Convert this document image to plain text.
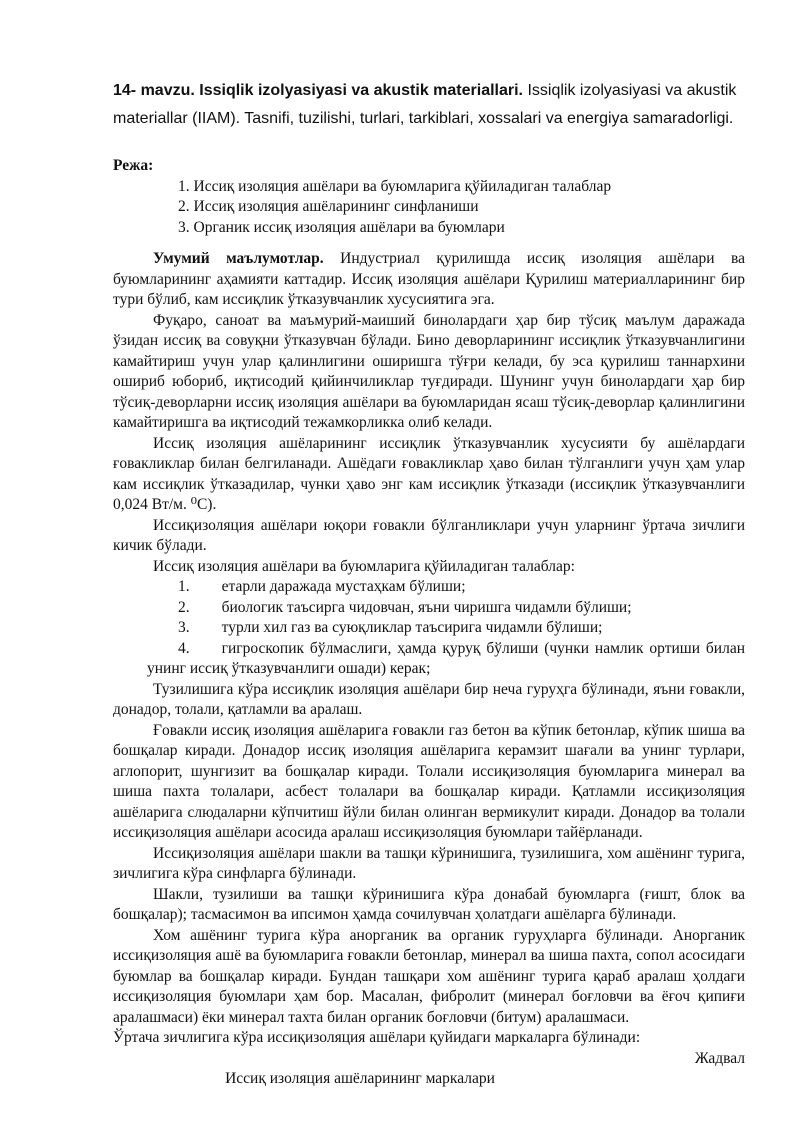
14- mavzu. Issiqlik izolyasiyasi va akustik materiallari. Issiqlik izolyasiyasi va akustik materiallar (IIAM). Tasnifi, tuzilishi, turlari, tarkiblari, xossalari va energiya samaradorligi.

Режа:

1. Иссиқ изоляция ашёлари ва буюмларига қўйиладиган талаблар
2. Иссиқ изоляция ашёларининг синфланиши
3. Органик иссиқ изоляция ашёлари ва буюмлари

Умумий маълумотлар. Индустриал қурилишда иссиқ изоляция ашёлари ва буюмларининг аҳамияти каттадир. Иссиқ изоляция ашёлари Қурилиш материалларининг бир тури бўлиб, кам иссиқлик ўтказувчанлик хусусиятига эга.

Фуқаро, саноат ва маъмурий-маиший бинолардаги ҳар бир тўсиқ маълум даражада ўзидан иссиқ ва совуқни ўтказувчан бўлади. Бино деворларининг иссиқлик ўтказувчанлигини камайтириш учун улар қалинлигини оширишга тўғри келади, бу эса қурилиш таннархини ошириб юбориб, иқтисодий қийинчиликлар туғдиради. Шунинг учун бинолардаги ҳар бир тўсиқ-деворларни иссиқ изоляция ашёлари ва буюмларидан ясаш тўсиқ-деворлар қалинлигини камайтиришга ва иқтисодий тежамкорликка олиб келади.

Иссиқ изоляция ашёларининг иссиқлик ўтказувчанлик хусусияти бу ашёлардаги ғовакликлар билан белгиланади. Ашёдаги ғовакликлар ҳаво билан тўлганлиги учун ҳам улар кам иссиқлик ўтказадилар, чунки ҳаво энг кам иссиқлик ўтказади (иссиқлик ўтказувчанлиги 0,024 Вт/м. ⁰С).

Иссиқизоляция ашёлари юқори ғовакли бўлганликлари учун уларнинг ўртача зичлиги кичик бўлади.

Иссиқ изоляция ашёлари ва буюмларига қўйиладиган талаблар:

1. етарли даражада мустаҳкам бўлиши;
2. биологик таъсирга чидовчан, яъни чиришга чидамли бўлиши;
3. турли хил газ ва суюқликлар таъсирига чидамли бўлиши;
4. гигроскопик бўлмаслиги, ҳамда қуруқ бўлиши (чунки намлик ортиши билан унинг иссиқ ўтказувчанлиги ошади) керак;

Тузилишига кўра иссиқлик изоляция ашёлари бир неча гуруҳга бўлинади, яъни ғовакли, донадор, толали, қатламли ва аралаш.

Ғовакли иссиқ изоляция ашёларига ғовакли газ бетон ва кўпик бетонлар, кўпик шиша ва бошқалар киради. Донадор иссиқ изоляция ашёларига керамзит шағали ва унинг турлари, аглопорит, шунгизит ва бошқалар киради. Толали иссиқизоляция буюмларига минерал ва шиша пахта толалари, асбест толалари ва бошқалар киради. Қатламли иссиқизоляция ашёларига слюдаларни кўпчитиш йўли билан олинган вермикулит киради. Донадор ва толали иссиқизоляция ашёлари асосида аралаш иссиқизоляция буюмлари тайёрланади.

Иссиқизоляция ашёлари шакли ва ташқи кўринишига, тузилишига, хом ашёнинг турига, зичлигига кўра синфларга бўлинади.

Шакли, тузилиши ва ташқи кўринишига кўра донабай буюмларга (ғишт, блок ва бошқалар); тасмасимон ва ипсимон ҳамда сочилувчан ҳолатдаги ашёларга бўлинади.

Хом ашёнинг турига кўра анорганик ва органик гуруҳларга бўлинади. Анорганик иссиқизоляция ашё ва буюмларига ғовакли бетонлар, минерал ва шиша пахта, сопол асосидаги буюмлар ва бошқалар киради. Бундан ташқари хом ашёнинг турига қараб аралаш ҳолдаги иссиқизоляция буюмлари ҳам бор. Масалан, фибролит (минерал боғловчи ва ёғоч қипиғи аралашмаси) ёки минерал тахта билан органик боғловчи (битум) аралашмаси.

Ўртача зичлигига кўра иссиқизоляция ашёлари қуйидаги маркаларга бўлинади:

Жадвал

Иссиқ изоляция ашёларининг маркалари
